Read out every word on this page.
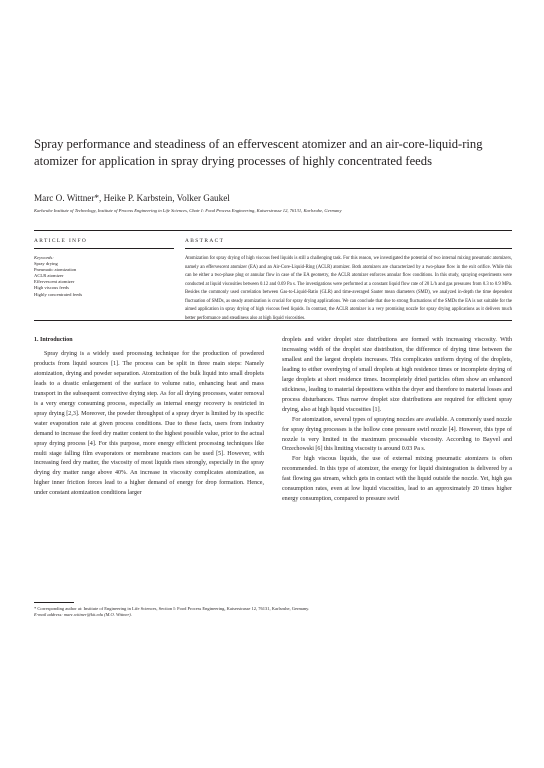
Spray performance and steadiness of an effervescent atomizer and an air-core-liquid-ring atomizer for application in spray drying processes of highly concentrated feeds
Marc O. Wittner*, Heike P. Karbstein, Volker Gaukel
Karlsruhe Institute of Technology, Institute of Process Engineering in Life Sciences, Chair I: Food Process Engineering, Kaiserstrasse 12, 76131, Karlsruhe, Germany
ARTICLE INFO	ABSTRACT
Keywords:
Spray drying
Pneumatic atomization
ACLR atomizer
Effervescent atomizer
High viscous feeds
Highly concentrated feeds

Atomization for spray drying of high viscous feed liquids is still a challenging task. For this reason, we investigated the potential of two internal mixing pneumatic atomizers, namely an effervescent atomizer (EA) and an Air-Core-Liquid-Ring (ACLR) atomizer. Both atomizers are characterized by a two-phase flow in the exit orifice. While this can be either a two-phase plug or annular flow in case of the EA geometry, the ACLR atomizer enforces annular flow conditions. In this study, spraying experiments were conducted at liquid viscosities between 0.12 and 0.69 Pa s. The investigations were performed at a constant liquid flow rate of 20 L/h and gas pressures from 0.3 to 0.9 MPa. Besides the commonly used correlation between Gas-to-Liquid-Ratio (GLR) and time-averaged Sauter mean diameters (SMD), we analyzed in-depth the time dependent fluctuation of SMDs, as steady atomization is crucial for spray drying applications. We can conclude that due to strong fluctuations of the SMDs the EA is not suitable for the aimed application in spray drying of high viscous feed liquids. In contrast, the ACLR atomizer is a very promising nozzle for spray drying applications as it delivers much better performance and steadiness also at high liquid viscosities.

1. Introduction

Spray drying is a widely used processing technique for the production of powdered products from liquid sources [1]. The process can be split in three main steps: Namely atomization, drying and powder separation. Atomization of the bulk liquid into small droplets leads to a drastic enlargement of the surface to volume ratio, enhancing heat and mass transport in the subsequent convective drying step. As for all drying processes, water removal is a very energy consuming process, especially as internal energy recovery is restricted in spray drying [2,3]. Moreover, the powder throughput of a spray dryer is limited by its specific water evaporation rate at given process conditions. Due to these facts, users from industry demand to increase the feed dry matter content to the highest possible value, prior to the actual spray drying process [4]. For this purpose, more energy efficient processing techniques like multi stage falling film evaporators or membrane reactors can be used [5]. However, with increasing feed dry matter, the viscosity of most liquids rises strongly, especially in the spray drying dry matter range above 40%. An increase in viscosity complicates atomization, as higher inner friction forces lead to a higher demand of energy for drop formation. Hence, under constant atomization conditions larger

droplets and wider droplet size distributions are formed with increasing viscosity. With increasing width of the droplet size distribution, the difference of drying time between the smallest and the largest droplets increases. This complicates uniform drying of the droplets, leading to either overdrying of small droplets at high residence times or incomplete drying of large droplets at short residence times. Incompletely dried particles often show an enhanced stickiness, leading to material depositions within the dryer and therefore to material losses and process disturbances. Thus narrow droplet size distributions are required for efficient spray drying, also at high liquid viscosities [1].

For atomization, several types of spraying nozzles are available. A commonly used nozzle for spray drying processes is the hollow cone pressure swirl nozzle [4]. However, this type of nozzle is very limited in the maximum processable viscosity. According to Bayvel and Orzechowski [6] this limiting viscosity is around 0.03 Pa s.

For high viscous liquids, the use of external mixing pneumatic atomizers is often recommended. In this type of atomizer, the energy for liquid disintegration is delivered by a fast flowing gas stream, which gets in contact with the liquid outside the nozzle. Yet, high gas consumption rates, even at low liquid viscosities, lead to an approximately 20 times higher energy consumption, compared to pressure swirl

* Corresponding author at: Institute of Engineering in Life Sciences, Section I: Food Process Engineering, Kaiserstrasse 12, 76131, Karlsruhe, Germany.

E-mail address: marc.wittner@kit.edu (M.O. Wittner).
